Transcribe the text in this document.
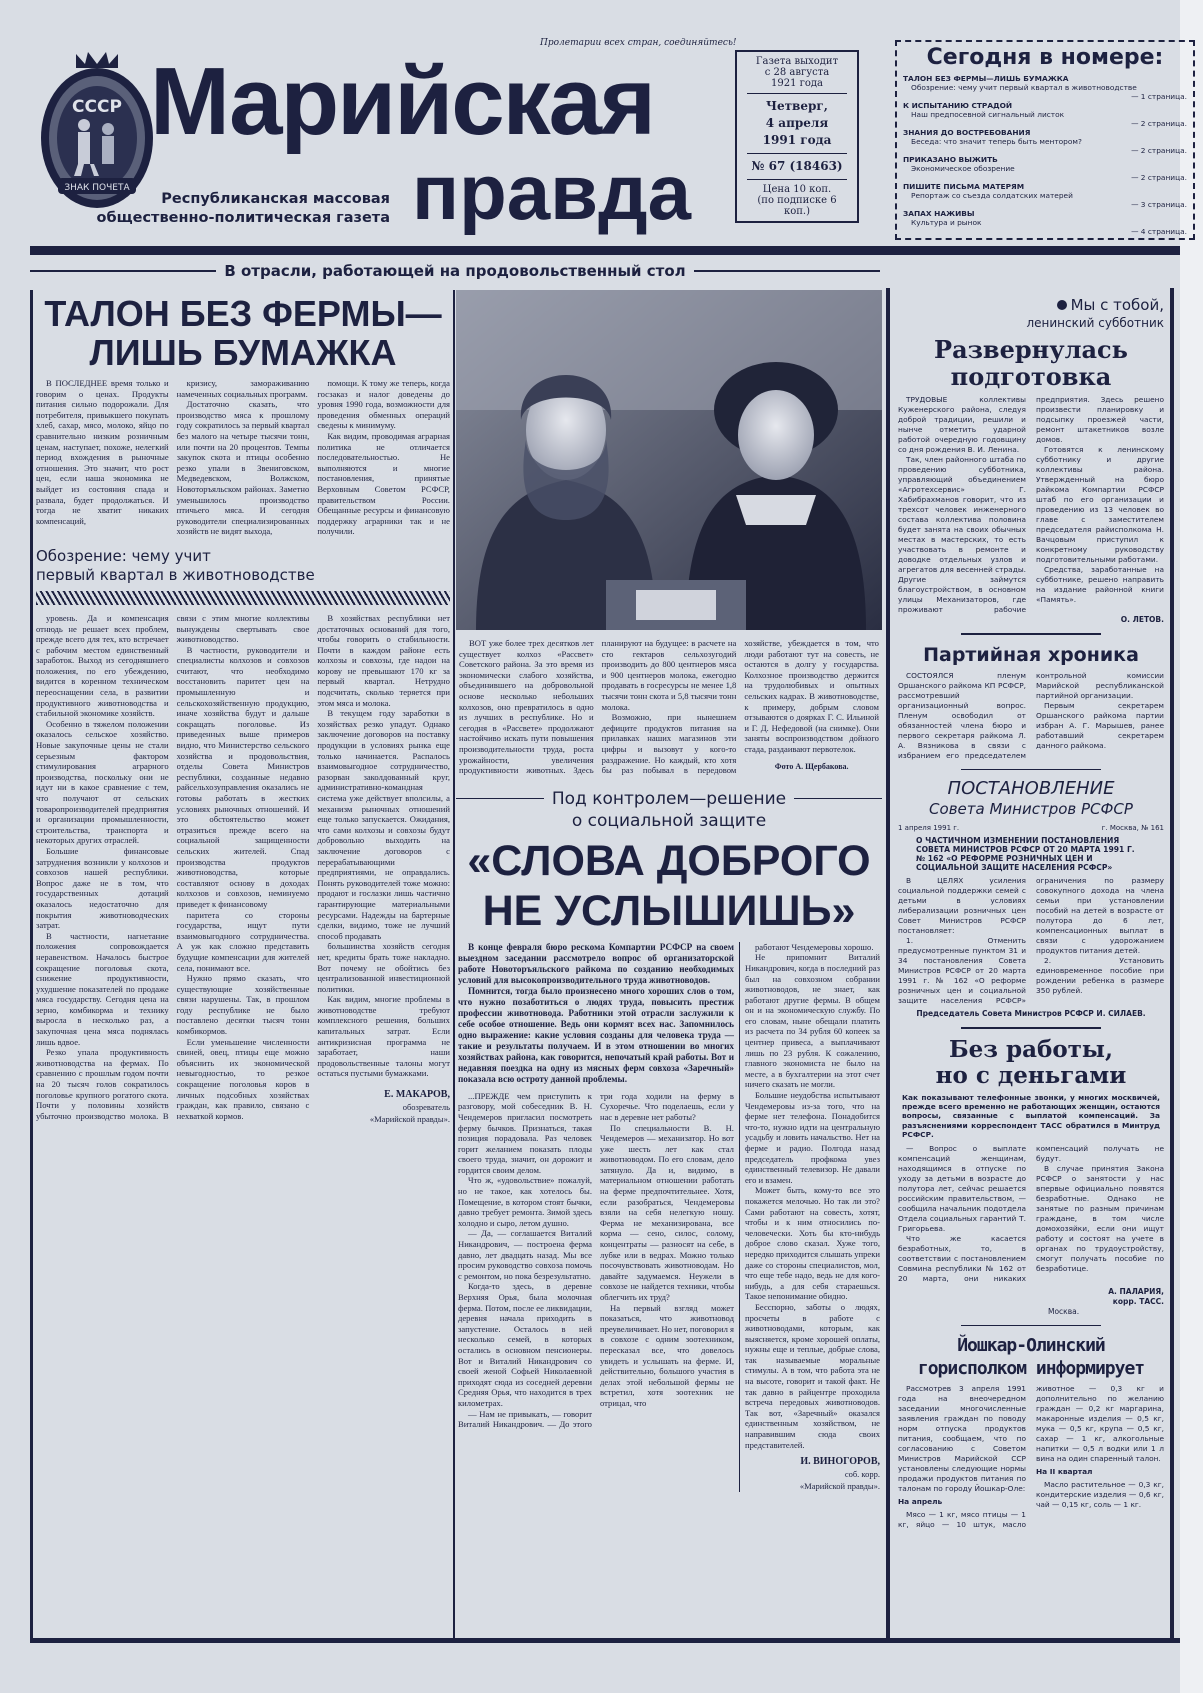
Пролетарии всех стран, соединяйтесь!
СССР
ЗНАК ПОЧЕТА
Марийская
правда
Республиканская массовая
общественно-политическая газета
Газета выходит
с 28 августа
1921 года
Четверг,
4 апреля
1991 года
№ 67 (18463)
Цена 10 коп.
(по подписке 6 коп.)
Сегодня в номере:
ТАЛОН БЕЗ ФЕРМЫ—ЛИШЬ БУМАЖКА
Обозрение: чему учит первый квартал в животноводстве
— 1 страница.
К ИСПЫТАНИЮ СТРАДОЙ
Наш предпосевной сигнальный листок
— 2 страница.
ЗНАНИЯ ДО ВОСТРЕБОВАНИЯ
Беседа: что значит теперь быть ментором?
— 2 страница.
ПРИКАЗАНО ВЫЖИТЬ
Экономическое обозрение
— 2 страница.
ПИШИТЕ ПИСЬМА МАТЕРЯМ
Репортаж со съезда солдатских матерей
— 3 страница.
ЗАПАХ НАЖИВЫ
Культура и рынок
— 4 страница.
В отрасли, работающей на продовольственный стол
ТАЛОН БЕЗ ФЕРМЫ—
ЛИШЬ БУМАЖКА

В ПОСЛЕДНЕЕ время только и говорим о ценах. Продукты питания сильно подорожали. Для потребителя, привыкшего покупать хлеб, сахар, мясо, молоко, яйцо по сравнительно низким розничным ценам, наступает, похоже, нелегкий период вхождения в рыночные отношения. Это значит, что рост цен, если наша экономика не выйдет из состояния спада и развала, будет продолжаться. И тогда не хватит никаких компенсаций,

кризису, замораживанию намеченных социальных программ.

Достаточно сказать, что производство мяса к прошлому году сократилось за первый квартал без малого на четыре тысячи тонн, или почти на 20 процентов. Темпы закупок скота и птицы особенно резко упали в Звениговском, Медведевском, Волжском, Новоторъяльском районах. Заметно уменьшилось производство птичьего мяса. И сегодня руководители специализированных хозяйств не видят выхода,

помощи. К тому же теперь, когда госзаказ и налог доведены до уровня 1990 года, возможности для проведения обменных операций сведены к минимуму.

Как видим, проводимая аграрная политика не отличается последовательностью. Не выполняются и многие постановления, принятые Верховным Советом РСФСР, правительством России. Обещанные ресурсы и финансовую поддержку аграрники так и не получили.

Обозрение: чему учит
первый квартал в животноводстве

уровень. Да и компенсация отнюдь не решает всех проблем, прежде всего для тех, кто встречает с рабочим местом единственный заработок. Выход из сегодняшнего положения, по его убеждению, видится в коренном техническом переоснащении села, в развитии продуктивного животноводства и стабильной экономике хозяйств.

Особенно в тяжелом положении оказалось сельское хозяйство. Новые закупочные цены не стали серьезным фактором стимулирования аграрного производства, поскольку они не идут ни в какое сравнение с тем, что получают от сельских товаропроизводителей предприятия и организации промышленности, строительства, транспорта и некоторых других отраслей.

Большие финансовые затруднения возникли у колхозов и совхозов нашей республики. Вопрос даже не в том, что государственных дотаций оказалось недостаточно для покрытия животноводческих затрат.

В частности, нагнетание положения сопровождается неравенством. Началось быстрое сокращение поголовья скота, снижение продуктивности, ухудшение показателей по продаже мяса государству. Сегодня цена на зерно, комбикорма и технику выросла в несколько раз, а закупочная цена мяса поднялась лишь вдвое.

Резко упала продуктивность животноводства на фермах. По сравнению с прошлым годом почти на 20 тысяч голов сократилось поголовье крупного рогатого скота. Почти у половины хозяйств убыточно производство молока. В связи с этим многие коллективы вынуждены свертывать свое животноводство.

В частности, руководители и специалисты колхозов и совхозов считают, что необходимо восстановить паритет цен на промышленную и сельскохозяйственную продукцию, иначе хозяйства будут и дальше сокращать поголовье. Из приведенных выше примеров видно, что Министерство сельского хозяйства и продовольствия, отделы Совета Министров республики, созданные недавно райсельхозуправления оказались не готовы работать в жестких условиях рыночных отношений. И это обстоятельство может отразиться прежде всего на социальной защищенности сельских жителей. Спад производства продуктов животноводства, которые составляют основу в доходах колхозов и совхозов, неминуемо приведет к финансовому

паритета со стороны государства, ищут пути взаимовыгодного сотрудничества. А уж как сложно представить будущие компенсации для жителей села, понимают все.

Нужно прямо сказать, что существующие хозяйственные связи нарушены. Так, в прошлом году республике не было поставлено десятки тысяч тонн комбикормов.

Если уменьшение численности свиней, овец, птицы еще можно объяснить их экономической невыгодностью, то резкое сокращение поголовья коров в личных подсобных хозяйствах граждан, как правило, связано с нехваткой кормов.

В хозяйствах республики нет достаточных оснований для того, чтобы говорить о стабильности. Почти в каждом районе есть колхозы и совхозы, где надои на корову не превышают 170 кг за первый квартал. Нетрудно подсчитать, сколько теряется при этом мяса и молока.

В текущем году заработки в хозяйствах резко упадут. Однако заключение договоров на поставку продукции в условиях рынка еще только начинается. Распалось взаимовыгодное сотрудничество, разорван заколдованный круг, административно-командная система уже действует вполсилы, а механизм рыночных отношений еще только запускается. Ожидания, что сами колхозы и совхозы будут добровольно выходить на заключение договоров с перерабатывающими предприятиями, не оправдались. Понять руководителей тоже можно: продают и гослазки лишь частично гарантирующие материальными ресурсами. Надежды на бартерные сделки, видимо, тоже не лучший способ продавать

большинства хозяйств сегодня нет, кредиты брать тоже накладно. Вот почему не обойтись без централизованной инвестиционной политики.

Как видим, многие проблемы в животноводстве требуют комплексного решения, больших капитальных затрат. Если антикризисная программа не заработает, наши продовольственные талоны могут остаться пустыми бумажками.

Е. МАКАРОВ,
обозреватель
«Марийской правды».

ВОТ уже более трех десятков лет существует колхоз «Рассвет» Советского района. За это время из экономически слабого хозяйства, объединившего на добровольной основе несколько небольших колхозов, оно превратилось в одно из лучших в республике. Но и сегодня в «Рассвете» продолжают настойчиво искать пути повышения производительности труда, роста урожайности, увеличения продуктивности животных. Здесь планируют на будущее: в расчете на сто гектаров сельхозугодий производить до 800 центнеров мяса и 900 центнеров молока, ежегодно продавать в госресурсы не менее 1,8 тысячи тонн скота и 5,8 тысячи тонн молока.

Возможно, при нынешнем дефиците продуктов питания на прилавках наших магазинов эти цифры и вызовут у кого-то раздражение. Но каждый, кто хотя бы раз побывал в передовом хозяйстве, убеждается в том, что люди работают тут на совесть, не остаются в долгу у государства. Колхозное производство держится на трудолюбивых и опытных сельских кадрах. В животноводстве, к примеру, добрым словом отзываются о доярках Г. С. Ильиной и Г. Д. Нефедовой (на снимке). Они заняты воспроизводством дойного стада, раздаивают первотелок.

Фото А. Щербакова.
Под контролем—решение
о социальной защите
«СЛОВА ДОБРОГО
НЕ УСЛЫШИШЬ»

В конце февраля бюро рескома Компартии РСФСР на своем выездном заседании рассмотрело вопрос об организаторской работе Новоторъяльского райкома по созданию необходимых условий для высокопроизводительного труда животноводов.

Помнится, тогда было произнесено много хороших слов о том, что нужно позаботиться о людях труда, повысить престиж профессии животновода. Работники этой отрасли заслужили к себе особое отношение. Ведь они кормят всех нас. Запомнилось одно выражение: какие условия созданы для человека труда — такие и результаты получаем. И в этом отношении во многих хозяйствах района, как говорится, непочатый край работы. Вот и недавняя поездка на одну из мясных ферм совхоза «Заречный» показала всю остроту данной проблемы.

...ПРЕЖДЕ чем приступить к разговору, мой собеседник В. Н. Чендемеров пригласил посмотреть ферму бычков. Признаться, такая позиция порадовала. Раз человек горит желанием показать плоды своего труда, значит, он дорожит и гордится своим делом.

Что ж, «удовольствие» пожалуй, но не такое, как хотелось бы. Помещение, в котором стоят бычки, давно требует ремонта. Зимой здесь холодно и сыро, летом душно.

— Да, — соглашается Виталий Никандрович, — построена ферма давно, лет двадцать назад. Мы все просим руководство совхоза помочь с ремонтом, но пока безрезультатно.

Когда-то здесь, в деревне Верхняя Орья, была молочная ферма. Потом, после ее ликвидации, деревня начала приходить в запустение. Осталось в ней несколько семей, в которых остались в основном пенсионеры. Вот и Виталий Никандрович со своей женой Софьей Николаевной приходят сюда из соседней деревни Средняя Орья, что находится в трех километрах.

— Нам не привыкать, — говорит Виталий Никандрович. — До этого три года ходили на ферму в Сухоречье. Что поделаешь, если у нас в деревне нет работы?

По специальности В. Н. Чендемеров — механизатор. Но вот уже шесть лет как стал животноводом. По его словам, дело затянуло. Да и, видимо, в материальном отношении работать на ферме предпочтительнее. Хотя, если разобраться, Чендемеровы взяли на себя нелегкую ношу. Ферма не механизирована, все корма — сено, силос, солому, концентраты — разносят на себе, в лубке или в ведрах. Можно только посочувствовать животноводам. Но давайте задумаемся. Неужели в совхозе не найдется техники, чтобы облегчить их труд?

На первый взгляд может показаться, что животновод преувеличивает. Но нет, поговорил я в совхозе с одним зоотехником, пересказал все, что довелось увидеть и услышать на ферме. И, действительно, большого участия в делах этой небольшой фермы не встретил, хотя зоотехник не отрицал, что

работают Чендемеровы хорошо.

Не припомнит Виталий Никандрович, когда в последний раз был на совхозном собрании животноводов, не знает, как работают другие фермы. В общем он и на экономическую службу. По его словам, ныне обещали платить из расчета по 34 рубля 60 копеек за центнер привеса, а выплачивают лишь по 23 рубля. К сожалению, главного экономиста не было на месте, а в бухгалтерии на этот счет ничего сказать не могли.

Большие неудобства испытывают Чендемеровы из-за того, что на ферме нет телефона. Понадобится что-то, нужно идти на центральную усадьбу и ловить начальство. Нет на ферме и радио. Полгода назад председатель профкома увез единственный телевизор. Не давали его и взамен.

Может быть, кому-то все это покажется мелочью. Но так ли это? Сами работают на совесть, хотят, чтобы и к ним относились по-человечески. Хоть бы кто-нибудь доброе слово сказал. Хуже того, нередко приходится слышать упреки даже со стороны специалистов, мол, что еще тебе надо, ведь не для кого-нибудь, а для себя стараешься. Такое непонимание обидно.

Бесспорно, заботы о людях, просчеты в работе с животноводами, которым, как выясняется, кроме хорошей оплаты, нужны еще и теплые, добрые слова, так называемые моральные стимулы. А в том, что работа эта не на высоте, говорит и такой факт. Не так давно в райцентре проходила встреча передовых животноводов. Так вот, «Заречный» оказался единственным хозяйством, не направившим сюда своих представителей.

И. ВИНОГОРОВ,
соб. корр.
«Марийской правды».
Мы с тобой,
ленинский субботник
Развернулась
подготовка

ТРУДОВЫЕ коллективы Куженерского района, следуя доброй традиции, решили и нынче отметить ударной работой очередную годовщину со дня рождения В. И. Ленина.

Так, член районного штаба по проведению субботника, управляющий объединением «Агротехсервис» Г. Хабибрахманов говорит, что из трехсот человек инженерного состава коллектива половина будет занята на своих обычных местах в мастерских, то есть участвовать в ремонте и доводке отдельных узлов и агрегатов для весенней страды. Другие займутся благоустройством, в основном улицы Механизаторов, где проживают рабочие предприятия. Здесь решено произвести планировку и подсыпку проезжей части, ремонт штакетников возле домов.

Готовятся к ленинскому субботнику и другие коллективы района. Утвержденный на бюро райкома Компартии РСФСР штаб по его организации и проведению из 13 человек во главе с заместителем председателя райисполкома Н. Вачцовым приступил к конкретному руководству подготовительными работами.

Средства, заработанные на субботнике, решено направить на издание районной книги «Память».

О. ЛЕТОВ.
Партийная хроника

СОСТОЯЛСЯ пленум Оршанского райкома КП РСФСР, рассмотревший организационный вопрос. Пленум освободил от обязанностей члена бюро и первого секретаря райкома Л. А. Вязникова в связи с избранием его председателем контрольной комиссии Марийской республиканской партийной организации.

Первым секретарем Оршанского райкома партии избран А. Г. Марышев, ранее работавший секретарем данного райкома.

ПОСТАНОВЛЕНИЕ
Совета Министров РСФСР
1 апреля 1991 г.	г. Москва, № 161
О ЧАСТИЧНОМ ИЗМЕНЕНИИ ПОСТАНОВЛЕНИЯ СОВЕТА МИНИСТРОВ РСФСР ОТ 20 МАРТА 1991 Г. № 162 «О РЕФОРМЕ РОЗНИЧНЫХ ЦЕН И СОЦИАЛЬНОЙ ЗАЩИТЕ НАСЕЛЕНИЯ РСФСР»

В ЦЕЛЯХ усиления социальной поддержки семей с детьми в условиях либерализации розничных цен Совет Министров РСФСР постановляет:

1. Отменить предусмотренные пунктом 31 и 34 постановления Совета Министров РСФСР от 20 марта 1991 г. № 162 «О реформе розничных цен и социальной защите населения РСФСР» ограничения по размеру совокупного дохода на члена семьи при установлении пособий на детей в возрасте от полутора до 6 лет, компенсационных выплат в связи с удорожанием продуктов питания детей.

2. Установить единовременное пособие при рождении ребенка в размере 350 рублей.

Председатель Совета Министров РСФСР И. СИЛАЕВ.
Без работы,
но с деньгами
Как показывают телефонные звонки, у многих москвичей, прежде всего временно не работающих женщин, остаются вопросы, связанные с выплатой компенсаций. За разъяснениями корреспондент ТАСС обратился в Минтруд РСФСР.

— Вопрос о выплате компенсаций женщинам, находящимся в отпуске по уходу за детьми в возрасте до полутора лет, сейчас решается российским правительством, — сообщила начальник подотдела Отдела социальных гарантий Т. Григорьева.

Что же касается безработных, то, в соответствии с постановлением Совмина республики № 162 от 20 марта, они никаких компенсаций получать не будут.

В случае принятия Закона РСФСР о занятости у нас впервые официально появятся безработные. Однако не занятые по разным причинам граждане, в том числе домохозяйки, если они ищут работу и состоят на учете в органах по трудоустройству, смогут получать пособие по безработице.

А. ПАЛАРИЯ,
корр. ТАСС.
Москва.
Йошкар-Олинский
горисполком информирует

Рассмотрев 3 апреля 1991 года на внеочередном заседании многочисленные заявления граждан по поводу норм отпуска продуктов питания, сообщаем, что по согласованию с Советом Министров Марийской ССР установлены следующие нормы продажи продуктов питания по талонам по городу Йошкар-Оле:

На апрель

Мясо — 1 кг, мясо птицы — 1 кг, яйцо — 10 штук, масло животное — 0,3 кг и дополнительно по желанию граждан — 0,2 кг маргарина, макаронные изделия — 0,5 кг, мука — 0,5 кг, крупа — 0,5 кг, сахар — 1 кг, алкогольные напитки — 0,5 л водки или 1 л вина на один спаренный талон.

На II квартал

Масло растительное — 0,3 кг, кондитерские изделия — 0,6 кг, чай — 0,15 кг, соль — 1 кг.
